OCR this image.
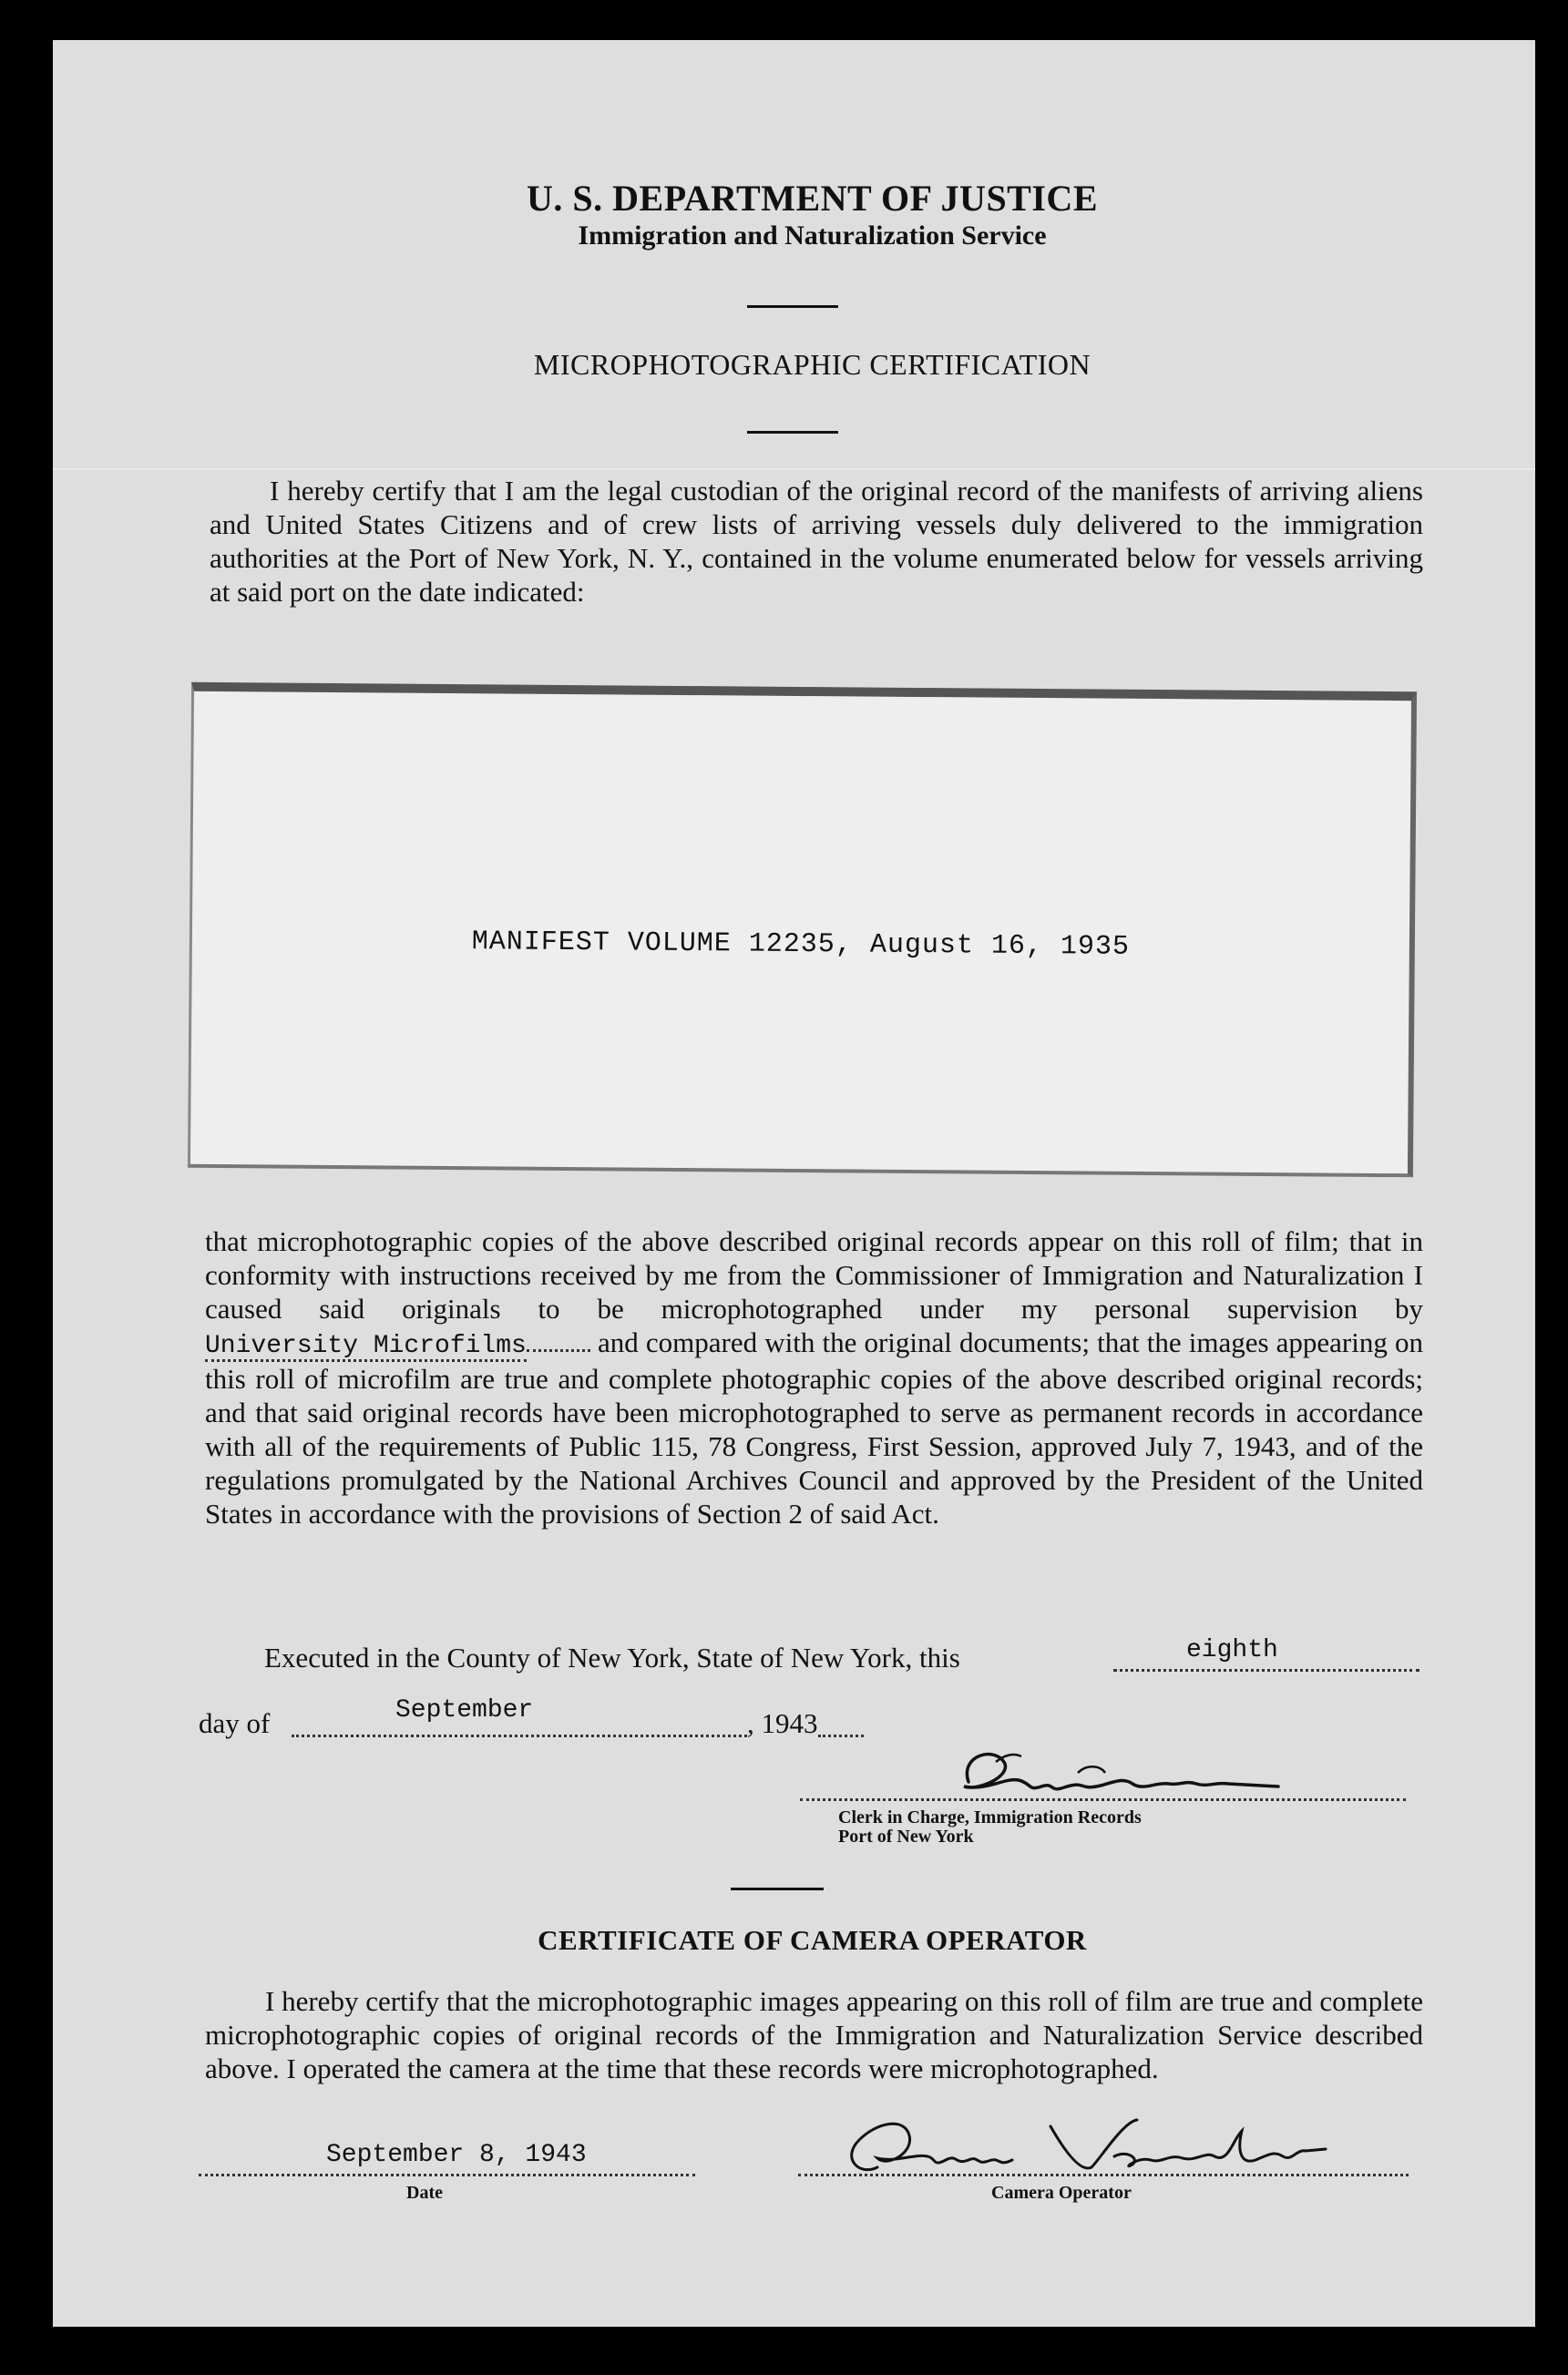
U. S. DEPARTMENT OF JUSTICE
Immigration and Naturalization Service
MICROPHOTOGRAPHIC CERTIFICATION
I hereby certify that I am the legal custodian of the original record of the manifests of arriving aliens and United States Citizens and of crew lists of arriving vessels duly delivered to the immigration authorities at the Port of New York, N. Y., contained in the volume enumerated below for vessels arriving at said port on the date indicated:
MANIFEST VOLUME 12235, August 16, 1935
that microphotographic copies of the above described original records appear on this roll of film; that in conformity with instructions received by me from the Commissioner of Immigration and Naturalization I caused said originals to be microphotographed under my personal supervision by University Microfilms	and compared with the original documents; that the images appearing on this roll of microfilm are true and complete photographic copies of the above described original records; and that said original records have been microphotographed to serve as permanent records in accordance with all of the requirements of Public 115, 78 Congress, First Session, approved July 7, 1943, and of the regulations promulgated by the National Archives Council and approved by the President of the United States in accordance with the provisions of Section 2 of said Act.
Executed in the County of New York, State of New York, this	eighth
day of	September	, 1943
Clerk in Charge, Immigration Records
Port of New York
CERTIFICATE OF CAMERA OPERATOR
I hereby certify that the microphotographic images appearing on this roll of film are true and complete microphotographic copies of original records of the Immigration and Naturalization Service described above. I operated the camera at the time that these records were microphotographed.
September 8, 1943
Date	Camera Operator
